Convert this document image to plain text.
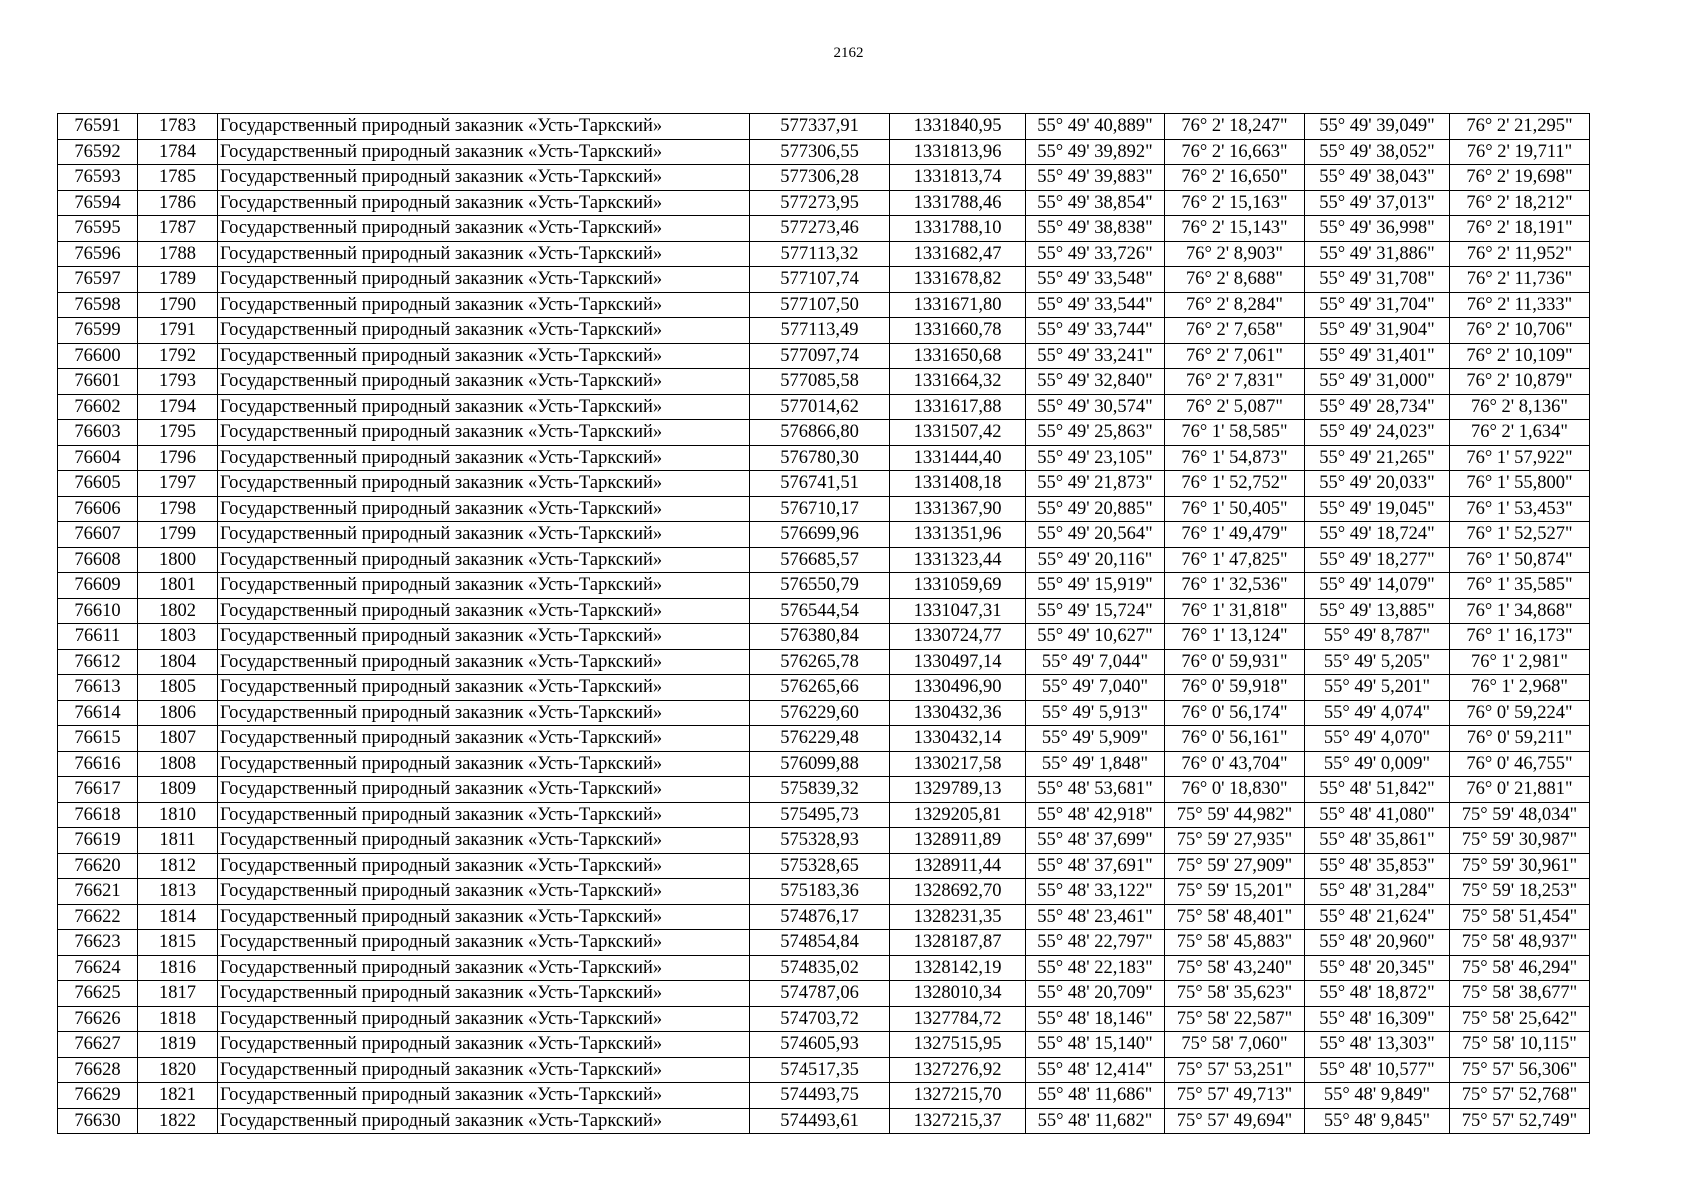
2162
76591	1783	Государственный природный заказник «Усть-Таркский»	577337,91	1331840,95	55° 49' 40,889"	76° 2' 18,247"	55° 49' 39,049"	76° 2' 21,295"
76592	1784	Государственный природный заказник «Усть-Таркский»	577306,55	1331813,96	55° 49' 39,892"	76° 2' 16,663"	55° 49' 38,052"	76° 2' 19,711"
76593	1785	Государственный природный заказник «Усть-Таркский»	577306,28	1331813,74	55° 49' 39,883"	76° 2' 16,650"	55° 49' 38,043"	76° 2' 19,698"
76594	1786	Государственный природный заказник «Усть-Таркский»	577273,95	1331788,46	55° 49' 38,854"	76° 2' 15,163"	55° 49' 37,013"	76° 2' 18,212"
76595	1787	Государственный природный заказник «Усть-Таркский»	577273,46	1331788,10	55° 49' 38,838"	76° 2' 15,143"	55° 49' 36,998"	76° 2' 18,191"
76596	1788	Государственный природный заказник «Усть-Таркский»	577113,32	1331682,47	55° 49' 33,726"	76° 2' 8,903"	55° 49' 31,886"	76° 2' 11,952"
76597	1789	Государственный природный заказник «Усть-Таркский»	577107,74	1331678,82	55° 49' 33,548"	76° 2' 8,688"	55° 49' 31,708"	76° 2' 11,736"
76598	1790	Государственный природный заказник «Усть-Таркский»	577107,50	1331671,80	55° 49' 33,544"	76° 2' 8,284"	55° 49' 31,704"	76° 2' 11,333"
76599	1791	Государственный природный заказник «Усть-Таркский»	577113,49	1331660,78	55° 49' 33,744"	76° 2' 7,658"	55° 49' 31,904"	76° 2' 10,706"
76600	1792	Государственный природный заказник «Усть-Таркский»	577097,74	1331650,68	55° 49' 33,241"	76° 2' 7,061"	55° 49' 31,401"	76° 2' 10,109"
76601	1793	Государственный природный заказник «Усть-Таркский»	577085,58	1331664,32	55° 49' 32,840"	76° 2' 7,831"	55° 49' 31,000"	76° 2' 10,879"
76602	1794	Государственный природный заказник «Усть-Таркский»	577014,62	1331617,88	55° 49' 30,574"	76° 2' 5,087"	55° 49' 28,734"	76° 2' 8,136"
76603	1795	Государственный природный заказник «Усть-Таркский»	576866,80	1331507,42	55° 49' 25,863"	76° 1' 58,585"	55° 49' 24,023"	76° 2' 1,634"
76604	1796	Государственный природный заказник «Усть-Таркский»	576780,30	1331444,40	55° 49' 23,105"	76° 1' 54,873"	55° 49' 21,265"	76° 1' 57,922"
76605	1797	Государственный природный заказник «Усть-Таркский»	576741,51	1331408,18	55° 49' 21,873"	76° 1' 52,752"	55° 49' 20,033"	76° 1' 55,800"
76606	1798	Государственный природный заказник «Усть-Таркский»	576710,17	1331367,90	55° 49' 20,885"	76° 1' 50,405"	55° 49' 19,045"	76° 1' 53,453"
76607	1799	Государственный природный заказник «Усть-Таркский»	576699,96	1331351,96	55° 49' 20,564"	76° 1' 49,479"	55° 49' 18,724"	76° 1' 52,527"
76608	1800	Государственный природный заказник «Усть-Таркский»	576685,57	1331323,44	55° 49' 20,116"	76° 1' 47,825"	55° 49' 18,277"	76° 1' 50,874"
76609	1801	Государственный природный заказник «Усть-Таркский»	576550,79	1331059,69	55° 49' 15,919"	76° 1' 32,536"	55° 49' 14,079"	76° 1' 35,585"
76610	1802	Государственный природный заказник «Усть-Таркский»	576544,54	1331047,31	55° 49' 15,724"	76° 1' 31,818"	55° 49' 13,885"	76° 1' 34,868"
76611	1803	Государственный природный заказник «Усть-Таркский»	576380,84	1330724,77	55° 49' 10,627"	76° 1' 13,124"	55° 49' 8,787"	76° 1' 16,173"
76612	1804	Государственный природный заказник «Усть-Таркский»	576265,78	1330497,14	55° 49' 7,044"	76° 0' 59,931"	55° 49' 5,205"	76° 1' 2,981"
76613	1805	Государственный природный заказник «Усть-Таркский»	576265,66	1330496,90	55° 49' 7,040"	76° 0' 59,918"	55° 49' 5,201"	76° 1' 2,968"
76614	1806	Государственный природный заказник «Усть-Таркский»	576229,60	1330432,36	55° 49' 5,913"	76° 0' 56,174"	55° 49' 4,074"	76° 0' 59,224"
76615	1807	Государственный природный заказник «Усть-Таркский»	576229,48	1330432,14	55° 49' 5,909"	76° 0' 56,161"	55° 49' 4,070"	76° 0' 59,211"
76616	1808	Государственный природный заказник «Усть-Таркский»	576099,88	1330217,58	55° 49' 1,848"	76° 0' 43,704"	55° 49' 0,009"	76° 0' 46,755"
76617	1809	Государственный природный заказник «Усть-Таркский»	575839,32	1329789,13	55° 48' 53,681"	76° 0' 18,830"	55° 48' 51,842"	76° 0' 21,881"
76618	1810	Государственный природный заказник «Усть-Таркский»	575495,73	1329205,81	55° 48' 42,918"	75° 59' 44,982"	55° 48' 41,080"	75° 59' 48,034"
76619	1811	Государственный природный заказник «Усть-Таркский»	575328,93	1328911,89	55° 48' 37,699"	75° 59' 27,935"	55° 48' 35,861"	75° 59' 30,987"
76620	1812	Государственный природный заказник «Усть-Таркский»	575328,65	1328911,44	55° 48' 37,691"	75° 59' 27,909"	55° 48' 35,853"	75° 59' 30,961"
76621	1813	Государственный природный заказник «Усть-Таркский»	575183,36	1328692,70	55° 48' 33,122"	75° 59' 15,201"	55° 48' 31,284"	75° 59' 18,253"
76622	1814	Государственный природный заказник «Усть-Таркский»	574876,17	1328231,35	55° 48' 23,461"	75° 58' 48,401"	55° 48' 21,624"	75° 58' 51,454"
76623	1815	Государственный природный заказник «Усть-Таркский»	574854,84	1328187,87	55° 48' 22,797"	75° 58' 45,883"	55° 48' 20,960"	75° 58' 48,937"
76624	1816	Государственный природный заказник «Усть-Таркский»	574835,02	1328142,19	55° 48' 22,183"	75° 58' 43,240"	55° 48' 20,345"	75° 58' 46,294"
76625	1817	Государственный природный заказник «Усть-Таркский»	574787,06	1328010,34	55° 48' 20,709"	75° 58' 35,623"	55° 48' 18,872"	75° 58' 38,677"
76626	1818	Государственный природный заказник «Усть-Таркский»	574703,72	1327784,72	55° 48' 18,146"	75° 58' 22,587"	55° 48' 16,309"	75° 58' 25,642"
76627	1819	Государственный природный заказник «Усть-Таркский»	574605,93	1327515,95	55° 48' 15,140"	75° 58' 7,060"	55° 48' 13,303"	75° 58' 10,115"
76628	1820	Государственный природный заказник «Усть-Таркский»	574517,35	1327276,92	55° 48' 12,414"	75° 57' 53,251"	55° 48' 10,577"	75° 57' 56,306"
76629	1821	Государственный природный заказник «Усть-Таркский»	574493,75	1327215,70	55° 48' 11,686"	75° 57' 49,713"	55° 48' 9,849"	75° 57' 52,768"
76630	1822	Государственный природный заказник «Усть-Таркский»	574493,61	1327215,37	55° 48' 11,682"	75° 57' 49,694"	55° 48' 9,845"	75° 57' 52,749"
